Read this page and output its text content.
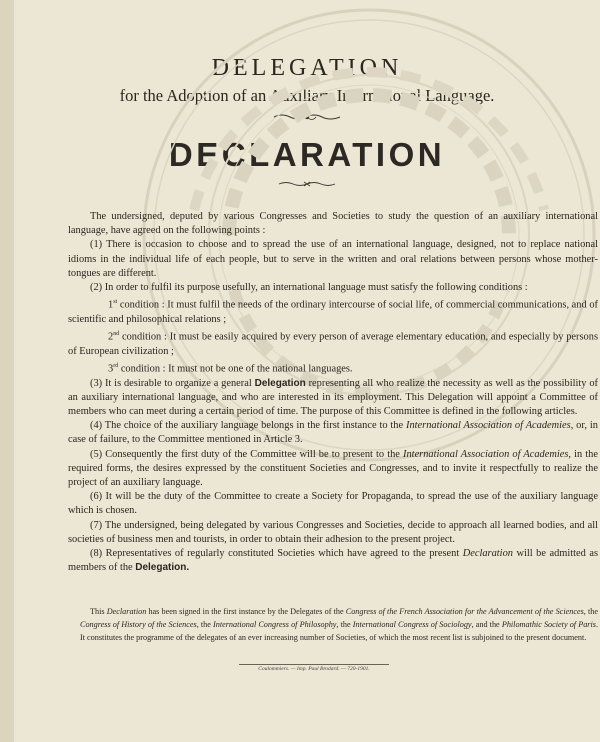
DELEGATION
for the Adoption of an Auxiliary International Language.
DECLARATION

The undersigned, deputed by various Congresses and Societies to study the question of an auxiliary international language, have agreed on the following points :

(1) There is occasion to choose and to spread the use of an international language, designed, not to replace national idioms in the individual life of each people, but to serve in the written and oral relations between persons whose mother-tongues are different.

(2) In order to fulfil its purpose usefully, an international language must satisfy the following conditions :

1st condition : It must fulfil the needs of the ordinary intercourse of social life, of commercial communications, and of scientific and philosophical relations ;

2nd condition : It must be easily acquired by every person of average elementary education, and especially by persons of European civilization ;

3rd condition : It must not be one of the national languages.

(3) It is desirable to organize a general Delegation representing all who realize the necessity as well as the possibility of an auxiliary international language, and who are interested in its employment. This Delegation will appoint a Committee of members who can meet during a certain period of time. The purpose of this Committee is defined in the following articles.

(4) The choice of the auxiliary language belongs in the first instance to the International Association of Academies, or, in case of failure, to the Committee mentioned in Article 3.

(5) Consequently the first duty of the Committee will be to present to the International Association of Academies, in the required forms, the desires expressed by the constituent Societies and Congresses, and to invite it respectfully to realize the project of an auxiliary language.

(6) It will be the duty of the Committee to create a Society for Propaganda, to spread the use of the auxiliary language which is chosen.

(7) The undersigned, being delegated by various Congresses and Societies, decide to approach all learned bodies, and all societies of business men and tourists, in order to obtain their adhesion to the present project.

(8) Representatives of regularly constituted Societies which have agreed to the present Declaration will be admitted as members of the Delegation.

This Declaration has been signed in the first instance by the Delegates of the Congress of the French Association for the Advancement of the Sciences, the Congress of History of the Sciences, the International Congress of Philosophy, the International Congress of Sociology, and the Philomathic Society of Paris. It constitutes the programme of the delegates of an ever increasing number of Societies, of which the most recent list is subjoined to the present document.
Coulommiers. — Imp. Paul Brodard. — 720-1901.
